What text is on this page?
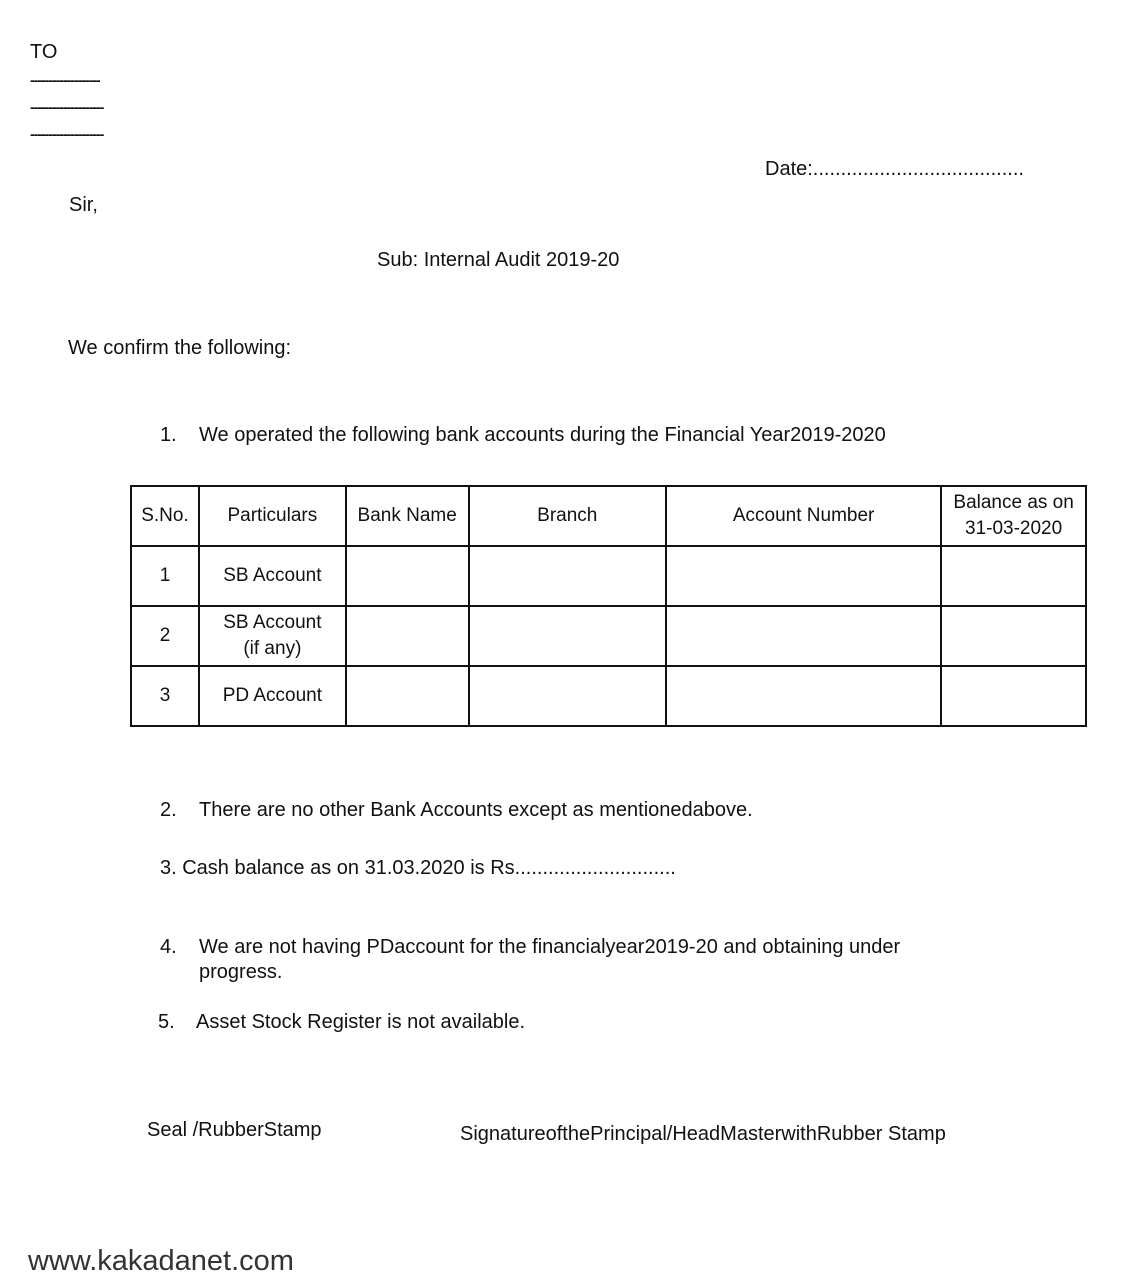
TO
-------------------
--------------------
--------------------
Date:......................................
Sir,
Sub: Internal Audit 2019-20
We confirm the following:
1. We operated the following bank accounts during the Financial Year2019-2020
S.No.	Particulars	Bank Name	Branch	Account Number	Balance as on 31-03-2020
1	SB Account				
2	SB Account (if any)				
3	PD Account				
2. There are no other Bank Accounts except as mentionedabove.
3. Cash balance as on 31.03.2020 is Rs.............................
4. We are not having PDaccount for the financialyear2019-20 and obtaining under
progress.
5. Asset Stock Register is not available.
Seal /RubberStamp	SignatureofthePrincipal/HeadMasterwithRubber Stamp
www.kakadanet.com
